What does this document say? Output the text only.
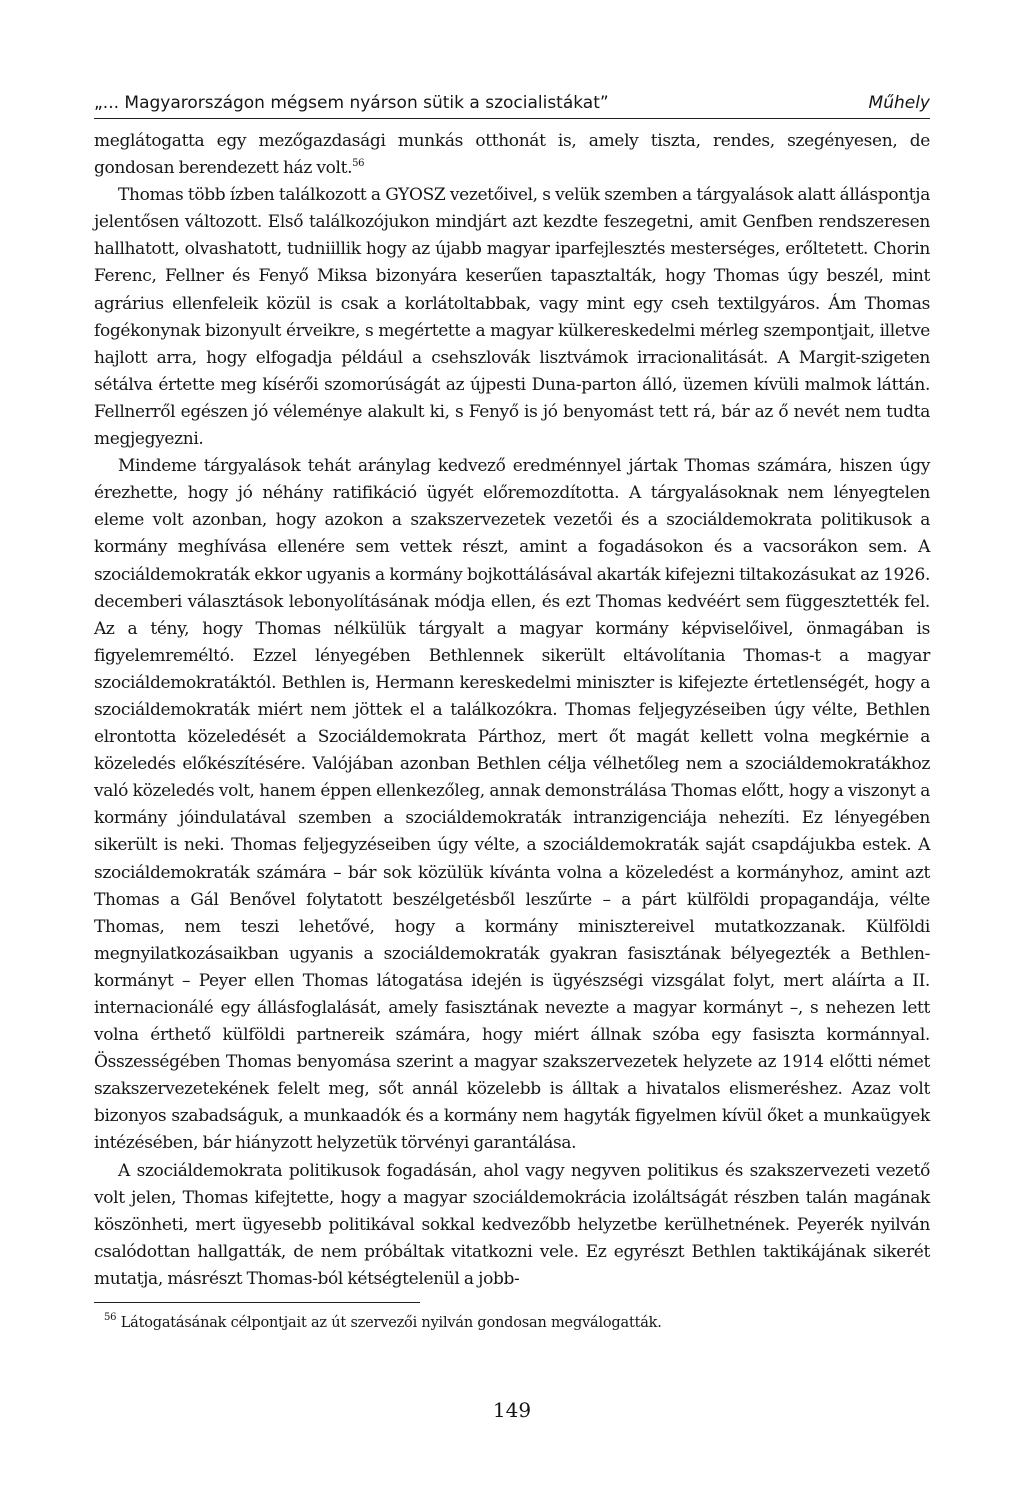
„... Magyarországon mégsem nyárson sütik a szocialistákat”	Műhely

meglátogatta egy mezőgazdasági munkás otthonát is, amely tiszta, rendes, szegényesen, de gondosan berendezett ház volt.$^{56}$

Thomas több ízben találkozott a GYOSZ vezetőivel, s velük szemben a tárgyalások alatt álláspontja jelentősen változott. Első találkozójukon mindjárt azt kezdte feszegetni, amit Genfben rendszeresen hallhatott, olvashatott, tudniillik hogy az újabb magyar iparfejlesztés mesterséges, erőltetett. Chorin Ferenc, Fellner és Fenyő Miksa bizonyára keserűen tapasztalták, hogy Thomas úgy beszél, mint agrárius ellenfeleik közül is csak a korlátoltabbak, vagy mint egy cseh textilgyáros. Ám Thomas fogékonynak bizonyult érveikre, s megértette a magyar külkereskedelmi mérleg szempontjait, illetve hajlott arra, hogy elfogadja például a csehszlovák lisztvámok irracionalitását. A Margit-szigeten sétálva értette meg kísérői szomorúságát az újpesti Duna-parton álló, üzemen kívüli malmok láttán. Fellnerről egészen jó véleménye alakult ki, s Fenyő is jó benyomást tett rá, bár az ő nevét nem tudta megjegyezni.

Mindeme tárgyalások tehát aránylag kedvező eredménnyel jártak Thomas számára, hiszen úgy érezhette, hogy jó néhány ratifikáció ügyét előremozdította. A tárgyalásoknak nem lényegtelen eleme volt azonban, hogy azokon a szakszervezetek vezetői és a szociáldemokrata politikusok a kormány meghívása ellenére sem vettek részt, amint a fogadásokon és a vacsorákon sem. A szociáldemokraták ekkor ugyanis a kormány bojkottálásával akarták kifejezni tiltakozásukat az 1926. decemberi választások lebonyolításának módja ellen, és ezt Thomas kedvéért sem függesztették fel. Az a tény, hogy Thomas nélkülük tárgyalt a magyar kormány képviselőivel, önmagában is figyelemreméltó. Ezzel lényegében Bethlennek sikerült eltávolítania Thomas-t a magyar szociáldemokratáktól. Bethlen is, Hermann kereskedelmi miniszter is kifejezte értetlenségét, hogy a szociáldemokraták miért nem jöttek el a találkozókra. Thomas feljegyzéseiben úgy vélte, Bethlen elrontotta közeledését a Szociáldemokrata Párthoz, mert őt magát kellett volna megkérnie a közeledés előkészítésére. Valójában azonban Bethlen célja vélhetőleg nem a szociáldemokratákhoz való közeledés volt, hanem éppen ellenkezőleg, annak demonstrálása Thomas előtt, hogy a viszonyt a kormány jóindulatával szemben a szociáldemokraták intranzigenciája nehezíti. Ez lényegében sikerült is neki. Thomas feljegyzéseiben úgy vélte, a szociáldemokraták saját csapdájukba estek. A szociáldemokraták számára – bár sok közülük kívánta volna a közeledést a kormányhoz, amint azt Thomas a Gál Benővel folytatott beszélgetésből leszűrte – a párt külföldi propagandája, vélte Thomas, nem teszi lehetővé, hogy a kormány minisztereivel mutatkozzanak. Külföldi megnyilatkozásaikban ugyanis a szociáldemokraták gyakran fasisztának bélyegezték a Bethlen-kormányt – Peyer ellen Thomas látogatása idején is ügyészségi vizsgálat folyt, mert aláírta a II. internacionálé egy állásfoglalását, amely fasisztának nevezte a magyar kormányt –, s nehezen lett volna érthető külföldi partnereik számára, hogy miért állnak szóba egy fasiszta kormánnyal. Összességében Thomas benyomása szerint a magyar szakszervezetek helyzete az 1914 előtti német szakszervezetekének felelt meg, sőt annál közelebb is álltak a hivatalos elismeréshez. Azaz volt bizonyos szabadságuk, a munkaadók és a kormány nem hagyták figyelmen kívül őket a munkaügyek intézésében, bár hiányzott helyzetük törvényi garantálása.

A szociáldemokrata politikusok fogadásán, ahol vagy negyven politikus és szakszervezeti vezető volt jelen, Thomas kifejtette, hogy a magyar szociáldemokrácia izoláltságát részben talán magának köszönheti, mert ügyesebb politikával sokkal kedvezőbb helyzetbe kerülhetnének. Peyerék nyilván csalódottan hallgatták, de nem próbáltak vitatkozni vele. Ez egyrészt Bethlen taktikájának sikerét mutatja, másrészt Thomas-ból kétségtelenül a jobb-

$^{56}$ Látogatásának célpontjait az út szervezői nyilván gondosan megválogatták.
149
